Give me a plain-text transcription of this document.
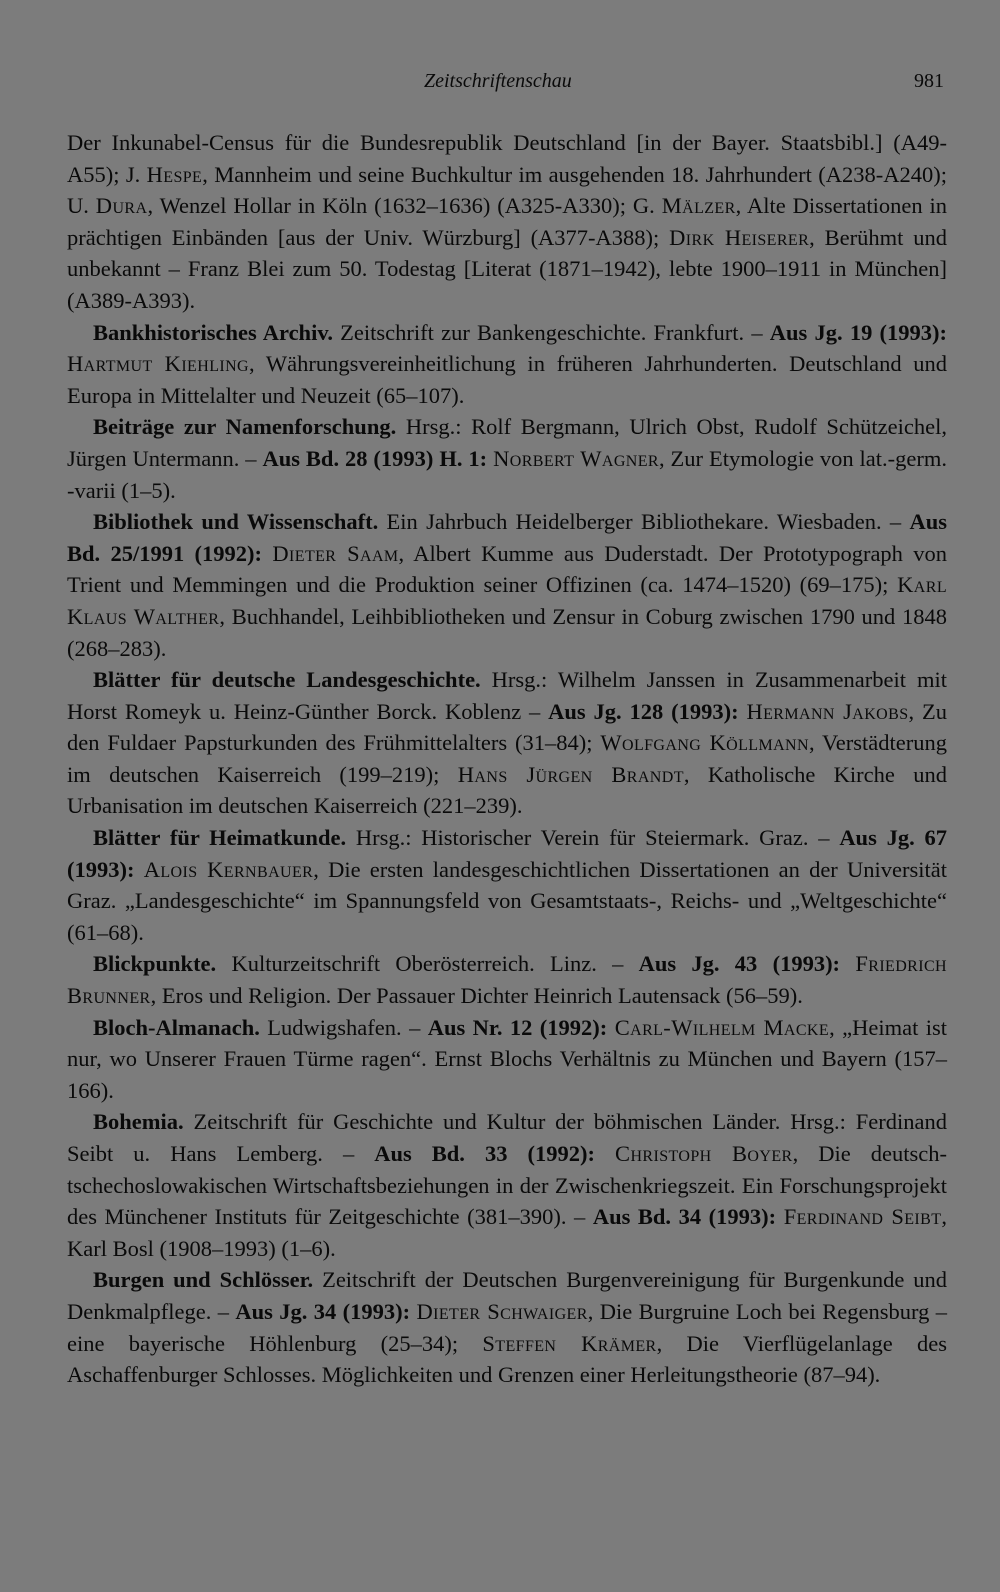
Zeitschriftenschau	981

Der Inkunabel-Census für die Bundesrepublik Deutschland [in der Bayer. Staatsbibl.] (A49-A55); J. Hespe, Mannheim und seine Buchkultur im ausgehenden 18. Jahrhundert (A238-A240); U. Dura, Wenzel Hollar in Köln (1632–1636) (A325-A330); G. Mälzer, Alte Dissertationen in prächtigen Einbänden [aus der Univ. Würzburg] (A377-A388); Dirk Heiserer, Berühmt und unbekannt – Franz Blei zum 50. Todestag [Literat (1871–1942), lebte 1900–1911 in München] (A389-A393).

Bankhistorisches Archiv. Zeitschrift zur Bankengeschichte. Frankfurt. – Aus Jg. 19 (1993): Hartmut Kiehling, Währungsvereinheitlichung in früheren Jahrhunderten. Deutschland und Europa in Mittelalter und Neuzeit (65–107).

Beiträge zur Namenforschung. Hrsg.: Rolf Bergmann, Ulrich Obst, Rudolf Schützeichel, Jürgen Untermann. – Aus Bd. 28 (1993) H. 1: Norbert Wagner, Zur Etymologie von lat.-germ. -varii (1–5).

Bibliothek und Wissenschaft. Ein Jahrbuch Heidelberger Bibliothekare. Wiesbaden. – Aus Bd. 25/1991 (1992): Dieter Saam, Albert Kumme aus Duderstadt. Der Prototypograph von Trient und Memmingen und die Produktion seiner Offizinen (ca. 1474–1520) (69–175); Karl Klaus Walther, Buchhandel, Leihbibliotheken und Zensur in Coburg zwischen 1790 und 1848 (268–283).

Blätter für deutsche Landesgeschichte. Hrsg.: Wilhelm Janssen in Zusammenarbeit mit Horst Romeyk u. Heinz-Günther Borck. Koblenz – Aus Jg. 128 (1993): Hermann Jakobs, Zu den Fuldaer Papsturkunden des Frühmittelalters (31–84); Wolfgang Köllmann, Verstädterung im deutschen Kaiserreich (199–219); Hans Jürgen Brandt, Katholische Kirche und Urbanisation im deutschen Kaiserreich (221–239).

Blätter für Heimatkunde. Hrsg.: Historischer Verein für Steiermark. Graz. – Aus Jg. 67 (1993): Alois Kernbauer, Die ersten landesgeschichtlichen Dissertationen an der Universität Graz. „Landesgeschichte“ im Spannungsfeld von Gesamtstaats-, Reichs- und „Weltgeschichte“ (61–68).

Blickpunkte. Kulturzeitschrift Oberösterreich. Linz. – Aus Jg. 43 (1993): Friedrich Brunner, Eros und Religion. Der Passauer Dichter Heinrich Lautensack (56–59).

Bloch-Almanach. Ludwigshafen. – Aus Nr. 12 (1992): Carl-Wilhelm Macke, „Heimat ist nur, wo Unserer Frauen Türme ragen“. Ernst Blochs Verhältnis zu München und Bayern (157–166).

Bohemia. Zeitschrift für Geschichte und Kultur der böhmischen Länder. Hrsg.: Ferdinand Seibt u. Hans Lemberg. – Aus Bd. 33 (1992): Christoph Boyer, Die deutsch-tschechoslowakischen Wirtschaftsbeziehungen in der Zwischenkriegszeit. Ein Forschungsprojekt des Münchener Instituts für Zeitgeschichte (381–390). – Aus Bd. 34 (1993): Ferdinand Seibt, Karl Bosl (1908–1993) (1–6).

Burgen und Schlösser. Zeitschrift der Deutschen Burgenvereinigung für Burgenkunde und Denkmalpflege. – Aus Jg. 34 (1993): Dieter Schwaiger, Die Burgruine Loch bei Regensburg – eine bayerische Höhlenburg (25–34); Steffen Krämer, Die Vierflügelanlage des Aschaffenburger Schlosses. Möglichkeiten und Grenzen einer Herleitungstheorie (87–94).
